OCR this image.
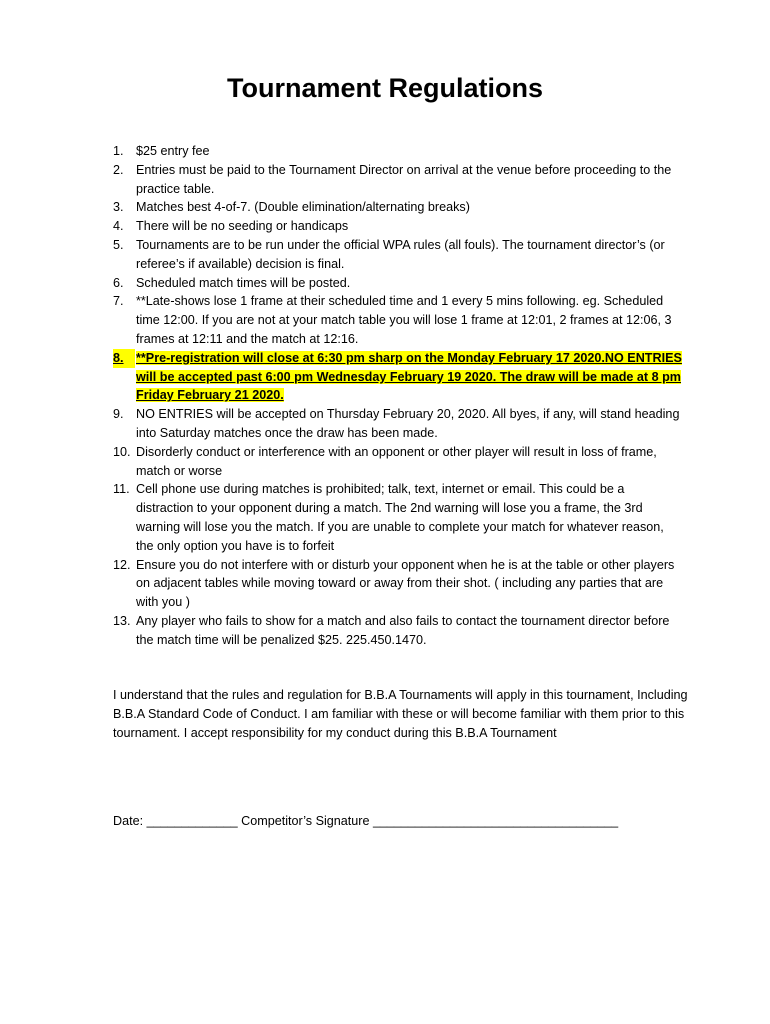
Tournament Regulations
1. $25 entry fee
2. Entries must be paid to the Tournament Director on arrival at the venue before proceeding to the practice table.
3. Matches best 4-of-7. (Double elimination/alternating breaks)
4. There will be no seeding or handicaps
5. Tournaments are to be run under the official WPA rules (all fouls). The tournament director’s (or referee’s if available) decision is final.
6. Scheduled match times will be posted.
7. **Late-shows lose 1 frame at their scheduled time and 1 every 5 mins following. eg. Scheduled time 12:00. If you are not at your match table you will lose 1 frame at 12:01, 2 frames at 12:06, 3 frames at 12:11 and the match at 12:16.
8. **Pre-registration will close at 6:30 pm sharp on the Monday February 17 2020.NO ENTRIES will be accepted past 6:00 pm Wednesday February 19 2020. The draw will be made at 8 pm Friday February 21 2020.
9. NO ENTRIES will be accepted on Thursday February 20, 2020. All byes, if any, will stand heading into Saturday matches once the draw has been made.
10. Disorderly conduct or interference with an opponent or other player will result in loss of frame, match or worse
11. Cell phone use during matches is prohibited; talk, text, internet or email. This could be a distraction to your opponent during a match. The 2nd warning will lose you a frame, the 3rd warning will lose you the match. If you are unable to complete your match for whatever reason, the only option you have is to forfeit
12. Ensure you do not interfere with or disturb your opponent when he is at the table or other players on adjacent tables while moving toward or away from their shot. ( including any parties that are with you )
13. Any player who fails to show for a match and also fails to contact the tournament director before the match time will be penalized $25. 225.450.1470.

I understand that the rules and regulation for B.B.A Tournaments will apply in this tournament, Including B.B.A Standard Code of Conduct. I am familiar with these or will become familiar with them prior to this tournament. I accept responsibility for my conduct during this B.B.A Tournament

Date: _____________ Competitor’s Signature ___________________________________
